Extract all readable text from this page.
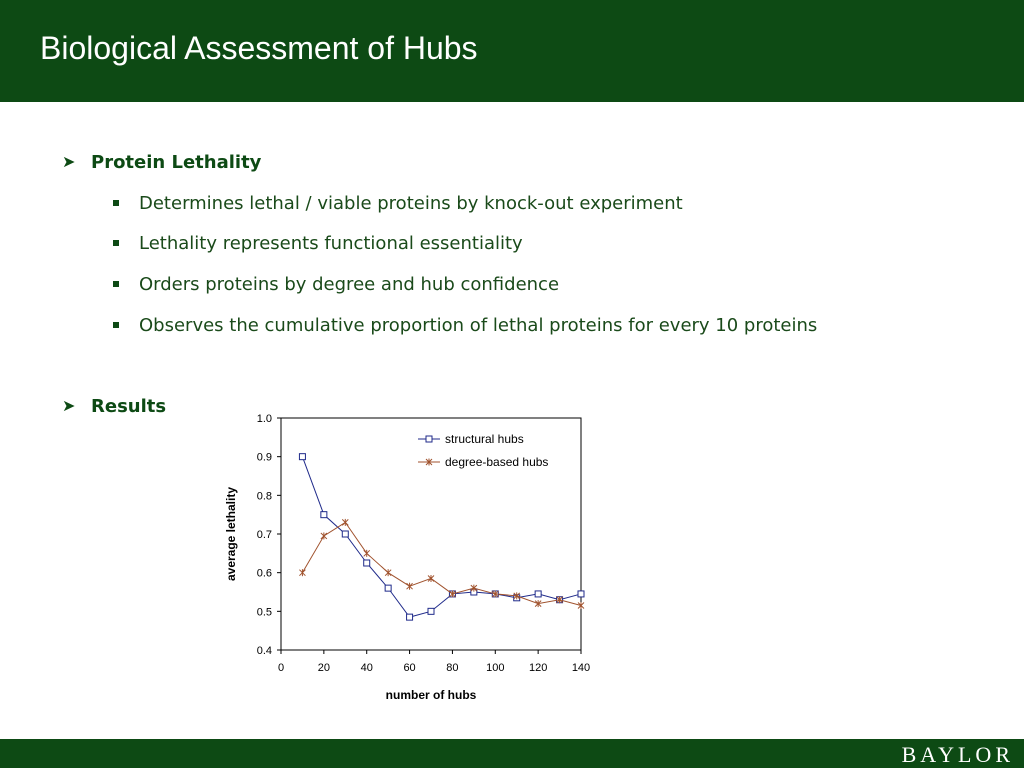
Biological Assessment of Hubs
➤ Protein Lethality
Determines lethal / viable proteins by knock-out experiment
Lethality represents functional essentiality
Orders proteins by degree and hub confidence
Observes the cumulative proportion of lethal proteins for every 10 proteins
➤ Results
0.4
0.5
0.6
0.7
0.8
0.9
1.0
0	20	40	60	80	100 120 140
number of hubs
average lethality
structural hubs
degree-based hubs
BAYLOR
